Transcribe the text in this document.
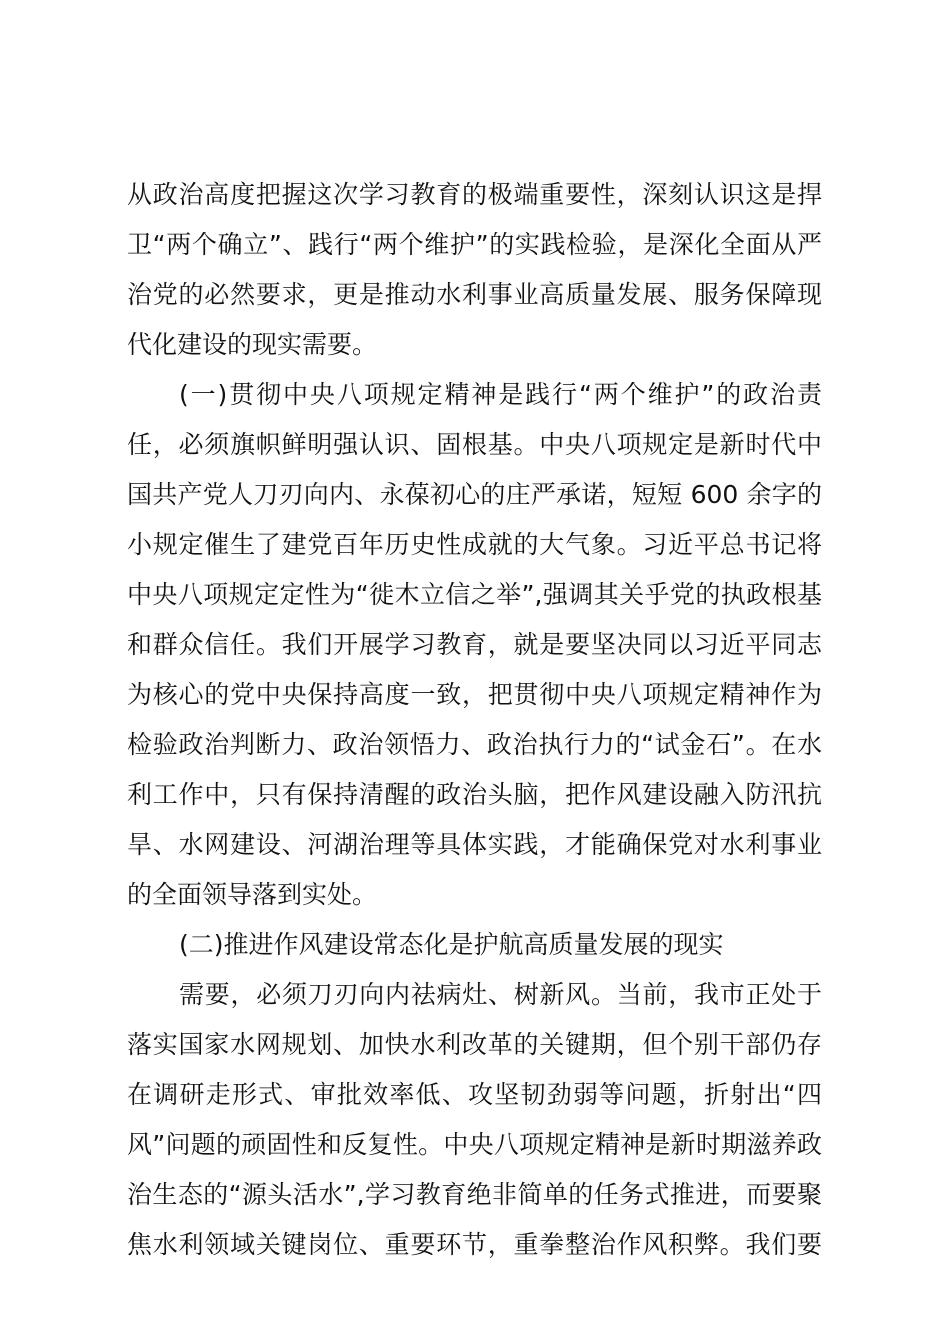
从政治高度把握这次学习教育的极端重要性，深刻认识这是捍
卫“两个确立”、践行“两个维护”的实践检验，是深化全面从严
治党的必然要求，更是推动水利事业高质量发展、服务保障现
代化建设的现实需要。
(一)贯彻中央八项规定精神是践行“两个维护”的政治责
任，必须旗帜鲜明强认识、固根基。中央八项规定是新时代中
国共产党人刀刃向内、永葆初心的庄严承诺，短短 600 余字的
小规定催生了建党百年历史性成就的大气象。习近平总书记将
中央八项规定定性为“徙木立信之举”,强调其关乎党的执政根基
和群众信任。我们开展学习教育，就是要坚决同以习近平同志
为核心的党中央保持高度一致，把贯彻中央八项规定精神作为
检验政治判断力、政治领悟力、政治执行力的“试金石”。在水
利工作中，只有保持清醒的政治头脑，把作风建设融入防汛抗
旱、水网建设、河湖治理等具体实践，才能确保党对水利事业
的全面领导落到实处。
(二)推进作风建设常态化是护航高质量发展的现实
需要，必须刀刃向内祛病灶、树新风。当前，我市正处于
落实国家水网规划、加快水利改革的关键期，但个别干部仍存
在调研走形式、审批效率低、攻坚韧劲弱等问题，折射出“四
风”问题的顽固性和反复性。中央八项规定精神是新时期滋养政
治生态的“源头活水”,学习教育绝非简单的任务式推进，而要聚
焦水利领域关键岗位、重要环节，重拳整治作风积弊。我们要
